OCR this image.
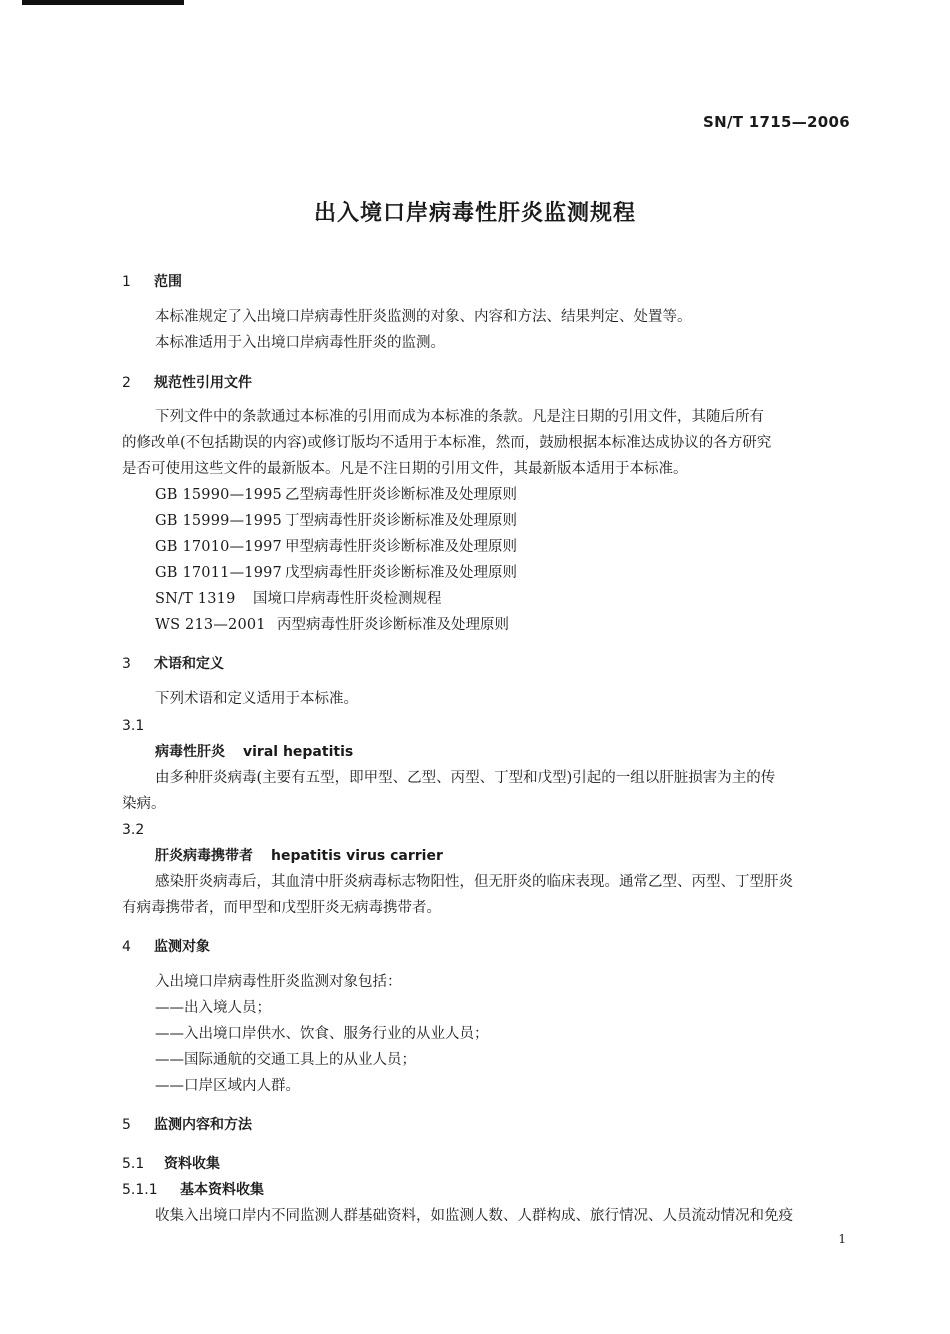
SN/T 1715—2006
出入境口岸病毒性肝炎监测规程
1 范围
本标准规定了入出境口岸病毒性肝炎监测的对象、内容和方法、结果判定、处置等。
本标准适用于入出境口岸病毒性肝炎的监测。
2 规范性引用文件
下列文件中的条款通过本标准的引用而成为本标准的条款。凡是注日期的引用文件，其随后所有
的修改单(不包括勘误的内容)或修订版均不适用于本标准，然而，鼓励根据本标准达成协议的各方研究
是否可使用这些文件的最新版本。凡是不注日期的引用文件，其最新版本适用于本标准。
GB 15990—1995 乙型病毒性肝炎诊断标准及处理原则
GB 15999—1995 丁型病毒性肝炎诊断标准及处理原则
GB 17010—1997 甲型病毒性肝炎诊断标准及处理原则
GB 17011—1997 戊型病毒性肝炎诊断标准及处理原则
SN/T 1319 国境口岸病毒性肝炎检测规程
WS 213—2001 丙型病毒性肝炎诊断标准及处理原则
3 术语和定义
下列术语和定义适用于本标准。
3.1
病毒性肝炎 viral hepatitis
由多种肝炎病毒(主要有五型，即甲型、乙型、丙型、丁型和戊型)引起的一组以肝脏损害为主的传
染病。
3.2
肝炎病毒携带者 hepatitis virus carrier
感染肝炎病毒后，其血清中肝炎病毒标志物阳性，但无肝炎的临床表现。通常乙型、丙型、丁型肝炎
有病毒携带者，而甲型和戊型肝炎无病毒携带者。
4 监测对象
入出境口岸病毒性肝炎监测对象包括：
——出入境人员；
——入出境口岸供水、饮食、服务行业的从业人员；
——国际通航的交通工具上的从业人员；
——口岸区域内人群。
5 监测内容和方法
5.1 资料收集
5.1.1 基本资料收集
收集入出境口岸内不同监测人群基础资料，如监测人数、人群构成、旅行情况、人员流动情况和免疫
1
